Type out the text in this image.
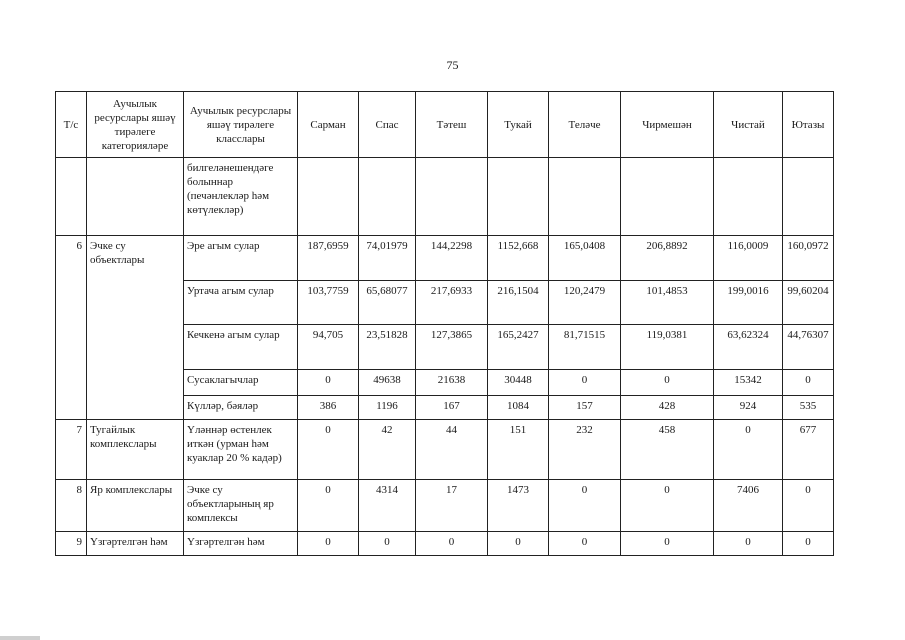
75
Т/с	Аучылык ресурслары яшәү тирәлеге категорияләре	Аучылык ресурслары яшәү тирәлеге класслары	Сарман	Спас	Тәтеш	Тукай	Теләче	Чирмешән	Чистай	Ютазы
		билгеләнешендәге болыннар (печәнлекләр һәм көтүлекләр)								
6	Эчке су объектлары	Эре агым сулар	187,6959	74,01979	144,2298	1152,668	165,0408	206,8892	116,0009	160,0972
		Уртача агым сулар	103,7759	65,68077	217,6933	216,1504	120,2479	101,4853	199,0016	99,60204
		Кечкенә агым сулар	94,705	23,51828	127,3865	165,2427	81,71515	119,0381	63,62324	44,76307
		Сусаклагычлар	0	49638	21638	30448	0	0	15342	0
		Күлләр, бәяләр	386	1196	167	1084	157	428	924	535
7	Тугайлык комплекслары	Үләннәр өстенлек иткән (урман һәм куаклар 20 % кадәр)	0	42	44	151	232	458	0	677
8	Яр комплекслары	Эчке су объектларының яр комплексы	0	4314	17	1473	0	0	7406	0
9	Үзгәртелгән һәм	Үзгәртелгән һәм	0	0	0	0	0	0	0	0
